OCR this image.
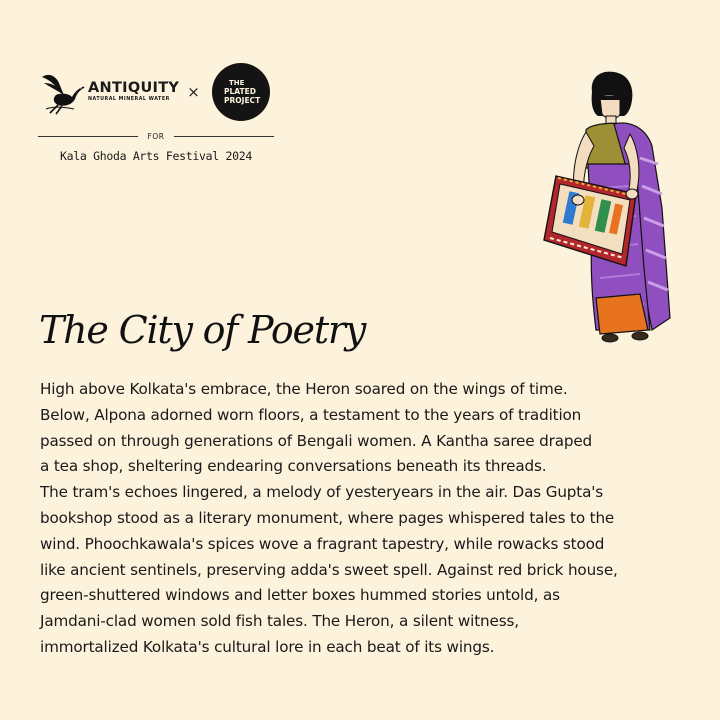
ANTIQUITY
NATURAL MINERAL WATER	×	THE
PLATED
PROJECT
FOR
Kala Ghoda Arts Festival 2024
The City of Poetry
High above Kolkata's embrace, the Heron soared on the wings of time.
Below, Alpona adorned worn floors, a testament to the years of tradition
passed on through generations of Bengali women. A Kantha saree draped
a tea shop, sheltering endearing conversations beneath its threads.
The tram's echoes lingered, a melody of yesteryears in the air. Das Gupta's
bookshop stood as a literary monument, where pages whispered tales to the
wind. Phoochkawala's spices wove a fragrant tapestry, while rowacks stood
like ancient sentinels, preserving adda's sweet spell. Against red brick house,
green-shuttered windows and letter boxes hummed stories untold, as
Jamdani-clad women sold fish tales. The Heron, a silent witness,
immortalized Kolkata's cultural lore in each beat of its wings.
